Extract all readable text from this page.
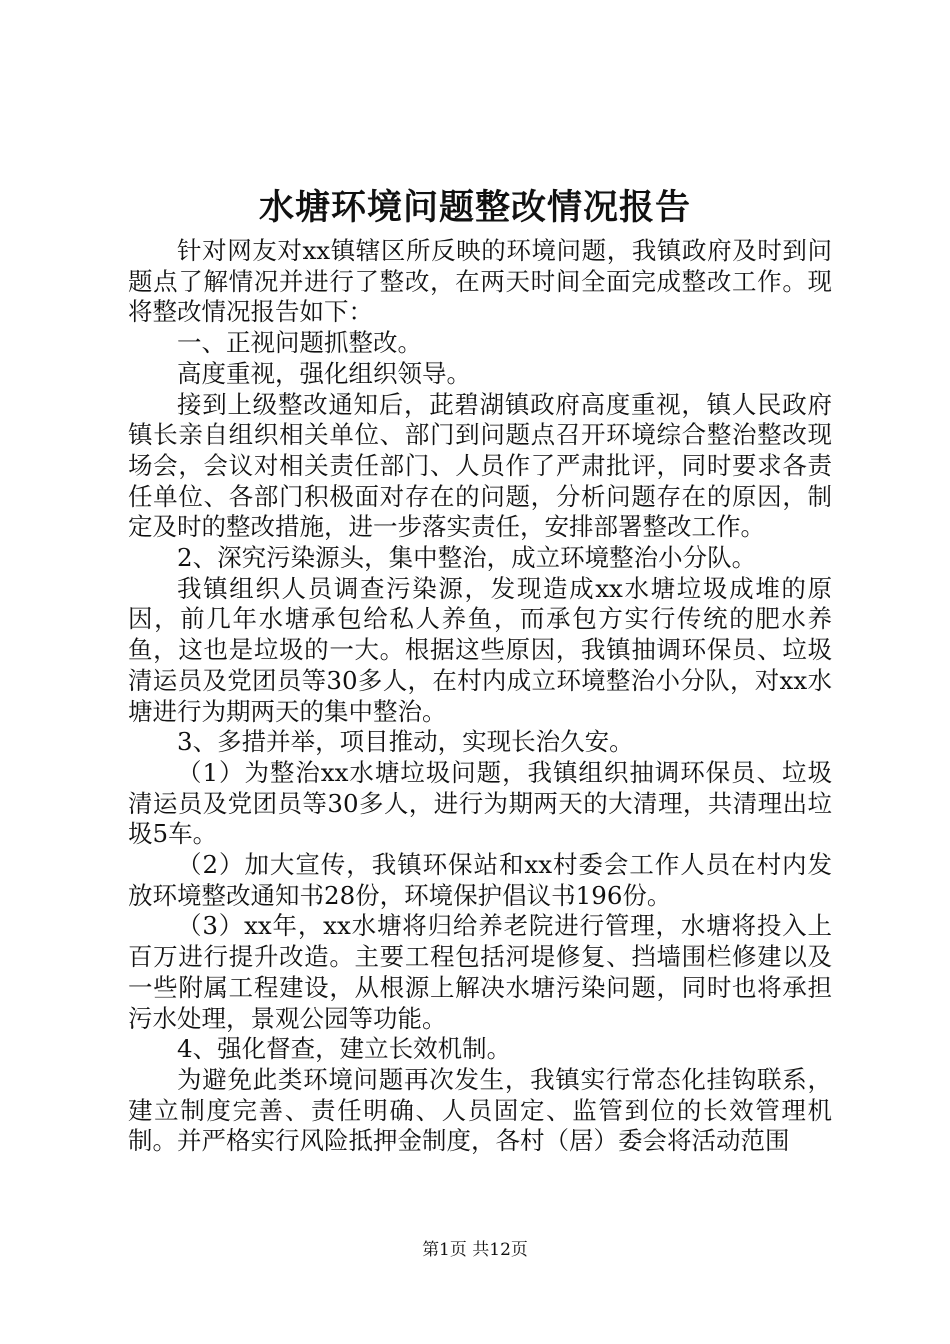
水塘环境问题整改情况报告

针对网友对xx镇辖区所反映的环境问题，我镇政府及时到问题点了解情况并进行了整改，在两天时间全面完成整改工作。现将整改情况报告如下：

一、正视问题抓整改。

高度重视，强化组织领导。

接到上级整改通知后，茈碧湖镇政府高度重视，镇人民政府镇长亲自组织相关单位、部门到问题点召开环境综合整治整改现场会，会议对相关责任部门、人员作了严肃批评，同时要求各责任单位、各部门积极面对存在的问题，分析问题存在的原因，制定及时的整改措施，进一步落实责任，安排部署整改工作。

2、深究污染源头，集中整治，成立环境整治小分队。

我镇组织人员调查污染源，发现造成xx水塘垃圾成堆的原因，前几年水塘承包给私人养鱼，而承包方实行传统的肥水养鱼，这也是垃圾的一大。根据这些原因，我镇抽调环保员、垃圾清运员及党团员等30多人，在村内成立环境整治小分队，对xx水塘进行为期两天的集中整治。

3、多措并举，项目推动，实现长治久安。

（1）为整治xx水塘垃圾问题，我镇组织抽调环保员、垃圾清运员及党团员等30多人，进行为期两天的大清理，共清理出垃圾5车。

（2）加大宣传，我镇环保站和xx村委会工作人员在村内发放环境整改通知书28份，环境保护倡议书196份。

（3）xx年，xx水塘将归给养老院进行管理，水塘将投入上百万进行提升改造。主要工程包括河堤修复、挡墙围栏修建以及一些附属工程建设，从根源上解决水塘污染问题，同时也将承担污水处理，景观公园等功能。

4、强化督查，建立长效机制。

为避免此类环境问题再次发生，我镇实行常态化挂钩联系，建立制度完善、责任明确、人员固定、监管到位的长效管理机制。并严格实行风险抵押金制度，各村（居）委会将活动范围

第1页 共12页
